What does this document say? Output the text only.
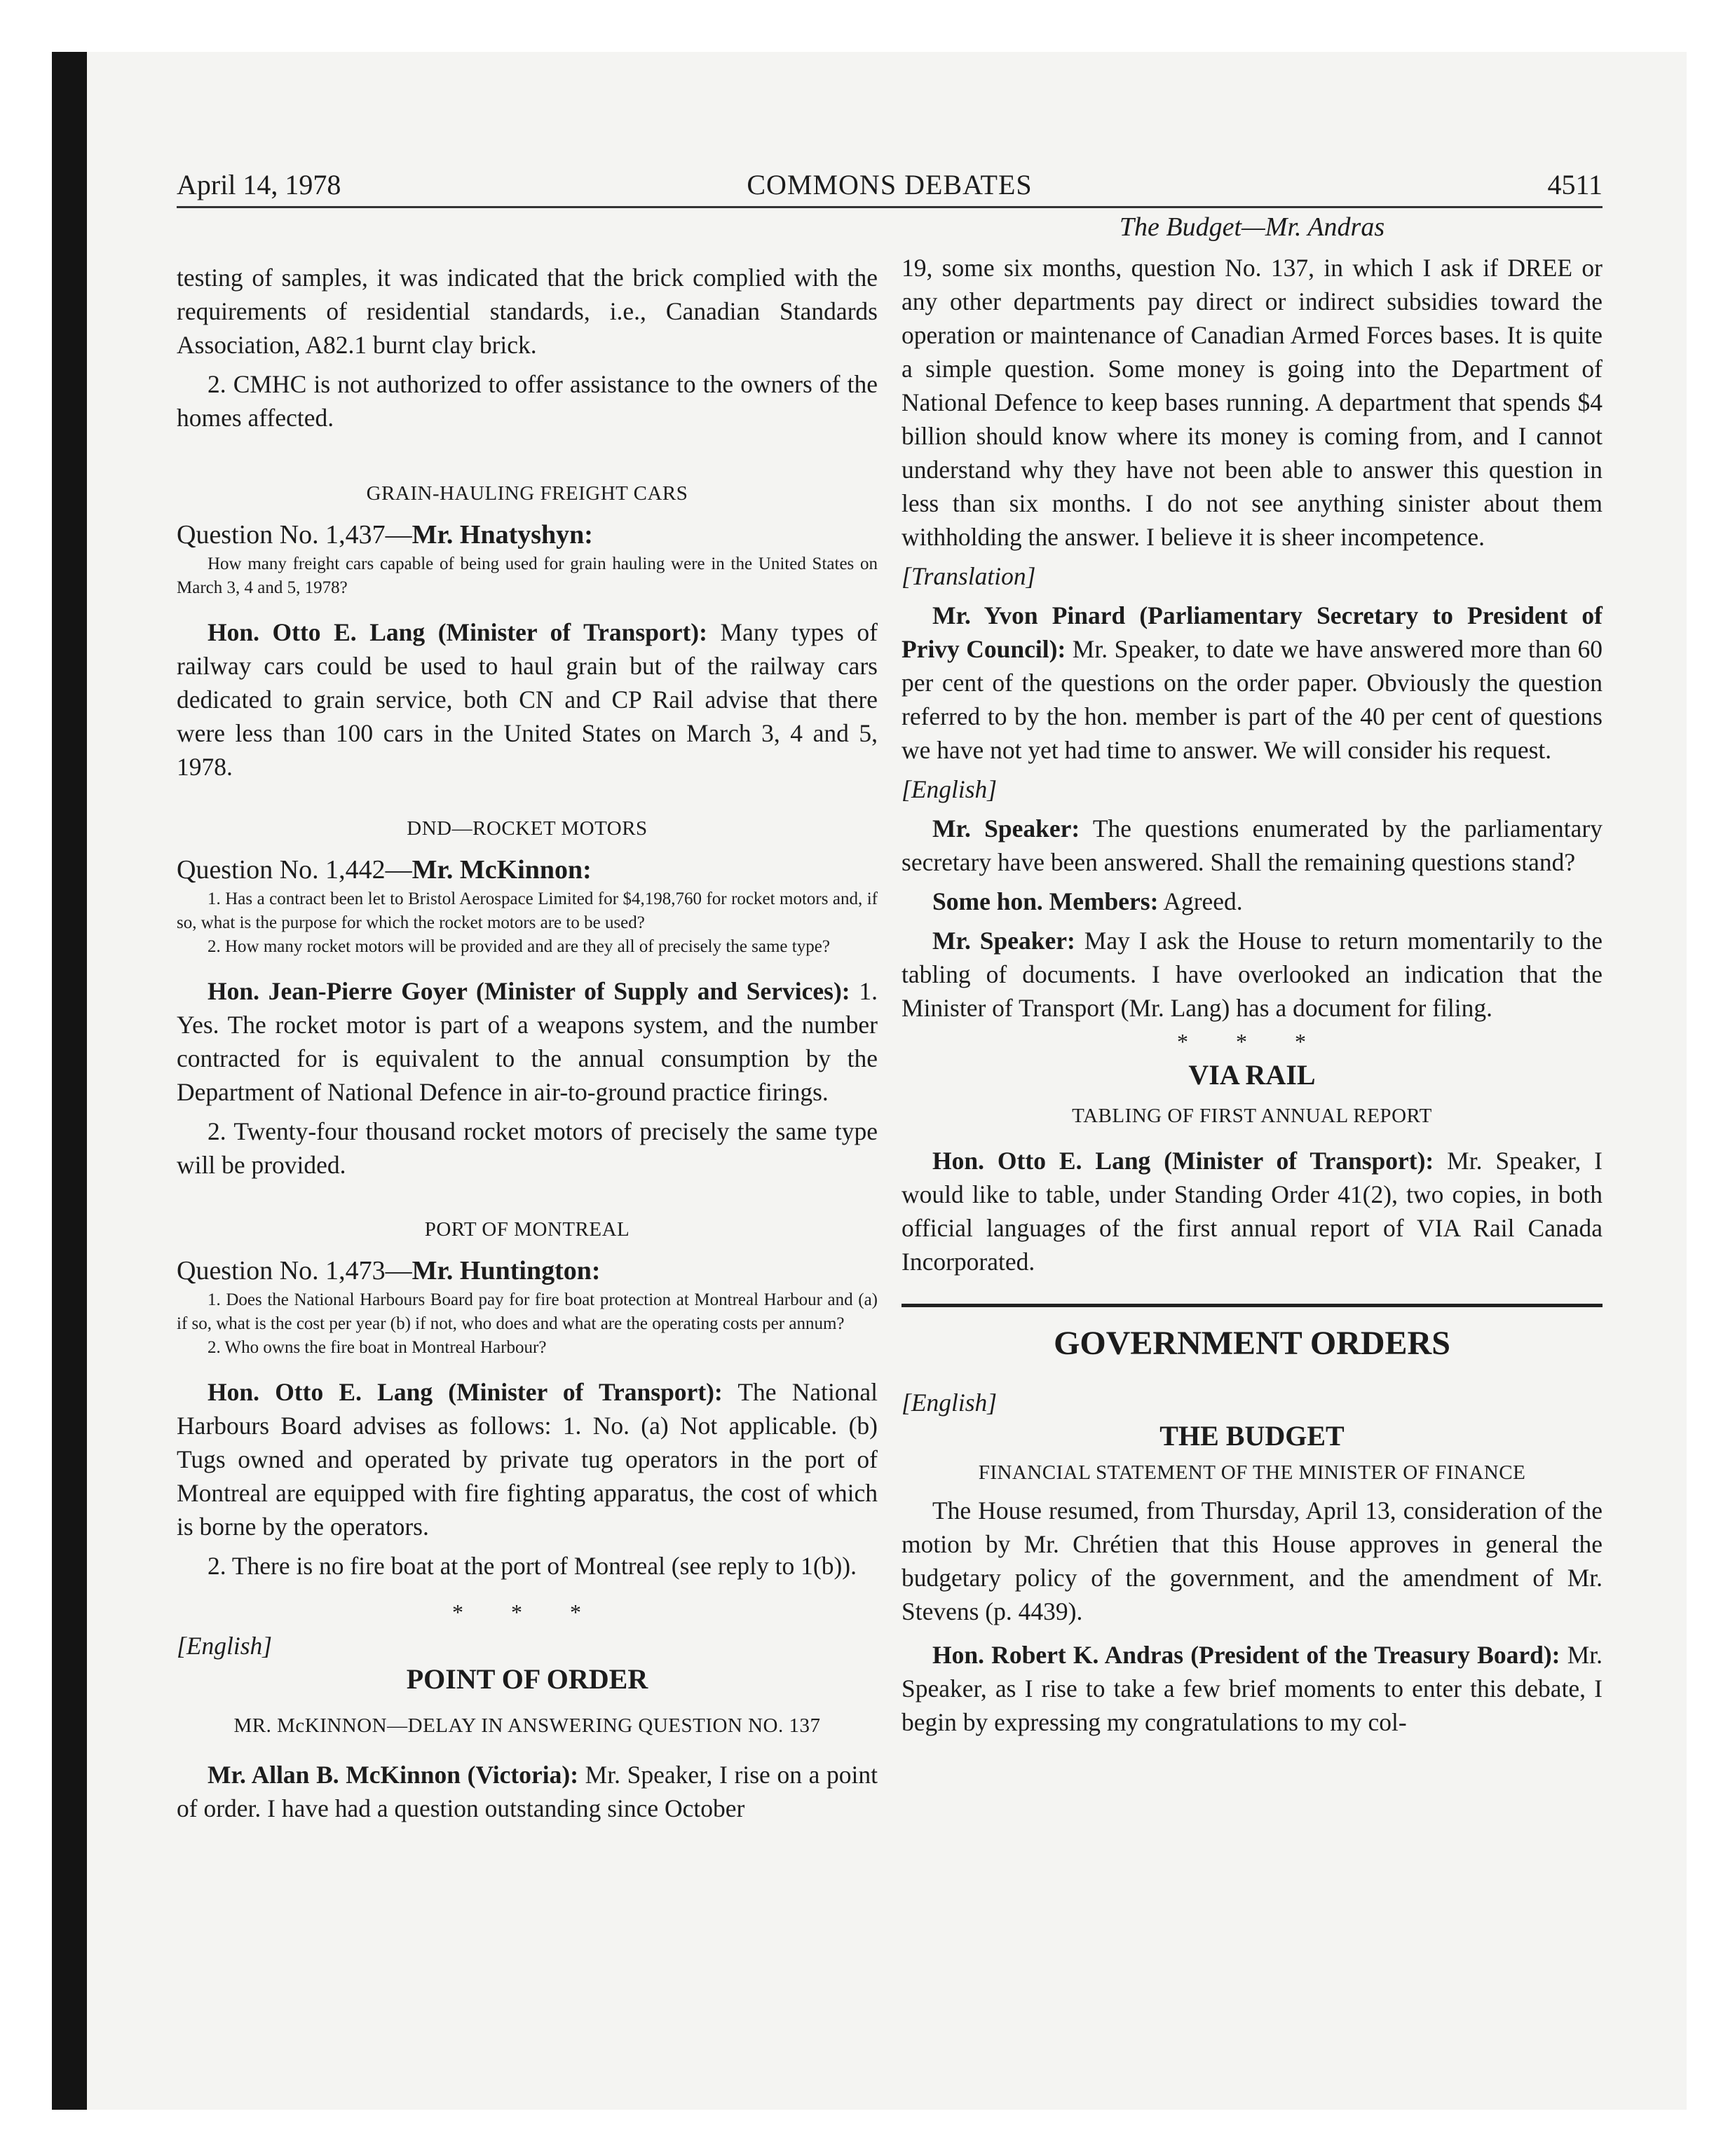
April 14, 1978	COMMONS DEBATES	4511

testing of samples, it was indicated that the brick complied with the requirements of residential standards, i.e., Canadian Standards Association, A82.1 burnt clay brick.

2. CMHC is not authorized to offer assistance to the owners of the homes affected.

GRAIN-HAULING FREIGHT CARS

Question No. 1,437—Mr. Hnatyshyn:

How many freight cars capable of being used for grain hauling were in the United States on March 3, 4 and 5, 1978?

Hon. Otto E. Lang (Minister of Transport): Many types of railway cars could be used to haul grain but of the railway cars dedicated to grain service, both CN and CP Rail advise that there were less than 100 cars in the United States on March 3, 4 and 5, 1978.

DND—ROCKET MOTORS

Question No. 1,442—Mr. McKinnon:

1. Has a contract been let to Bristol Aerospace Limited for $4,198,760 for rocket motors and, if so, what is the purpose for which the rocket motors are to be used?

2. How many rocket motors will be provided and are they all of precisely the same type?

Hon. Jean-Pierre Goyer (Minister of Supply and Services): 1. Yes. The rocket motor is part of a weapons system, and the number contracted for is equivalent to the annual consumption by the Department of National Defence in air-to-ground practice firings.

2. Twenty-four thousand rocket motors of precisely the same type will be provided.

PORT OF MONTREAL

Question No. 1,473—Mr. Huntington:

1. Does the National Harbours Board pay for fire boat protection at Montreal Harbour and (a) if so, what is the cost per year (b) if not, who does and what are the operating costs per annum?

2. Who owns the fire boat in Montreal Harbour?

Hon. Otto E. Lang (Minister of Transport): The National Harbours Board advises as follows: 1. No. (a) Not applicable. (b) Tugs owned and operated by private tug operators in the port of Montreal are equipped with fire fighting apparatus, the cost of which is borne by the operators.

2. There is no fire boat at the port of Montreal (see reply to 1(b)).

* * *

[English]

POINT OF ORDER

MR. McKINNON—DELAY IN ANSWERING QUESTION NO. 137

Mr. Allan B. McKinnon (Victoria): Mr. Speaker, I rise on a point of order. I have had a question outstanding since October

The Budget—Mr. Andras

19, some six months, question No. 137, in which I ask if DREE or any other departments pay direct or indirect subsidies toward the operation or maintenance of Canadian Armed Forces bases. It is quite a simple question. Some money is going into the Department of National Defence to keep bases running. A department that spends $4 billion should know where its money is coming from, and I cannot understand why they have not been able to answer this question in less than six months. I do not see anything sinister about them withholding the answer. I believe it is sheer incompetence.

[Translation]

Mr. Yvon Pinard (Parliamentary Secretary to President of Privy Council): Mr. Speaker, to date we have answered more than 60 per cent of the questions on the order paper. Obviously the question referred to by the hon. member is part of the 40 per cent of questions we have not yet had time to answer. We will consider his request.

[English]

Mr. Speaker: The questions enumerated by the parliamentary secretary have been answered. Shall the remaining questions stand?

Some hon. Members: Agreed.

Mr. Speaker: May I ask the House to return momentarily to the tabling of documents. I have overlooked an indication that the Minister of Transport (Mr. Lang) has a document for filing.

* * *

VIA RAIL

TABLING OF FIRST ANNUAL REPORT

Hon. Otto E. Lang (Minister of Transport): Mr. Speaker, I would like to table, under Standing Order 41(2), two copies, in both official languages of the first annual report of VIA Rail Canada Incorporated.

GOVERNMENT ORDERS

[English]

THE BUDGET

FINANCIAL STATEMENT OF THE MINISTER OF FINANCE

The House resumed, from Thursday, April 13, consideration of the motion by Mr. Chrétien that this House approves in general the budgetary policy of the government, and the amendment of Mr. Stevens (p. 4439).

Hon. Robert K. Andras (President of the Treasury Board): Mr. Speaker, as I rise to take a few brief moments to enter this debate, I begin by expressing my congratulations to my col-
